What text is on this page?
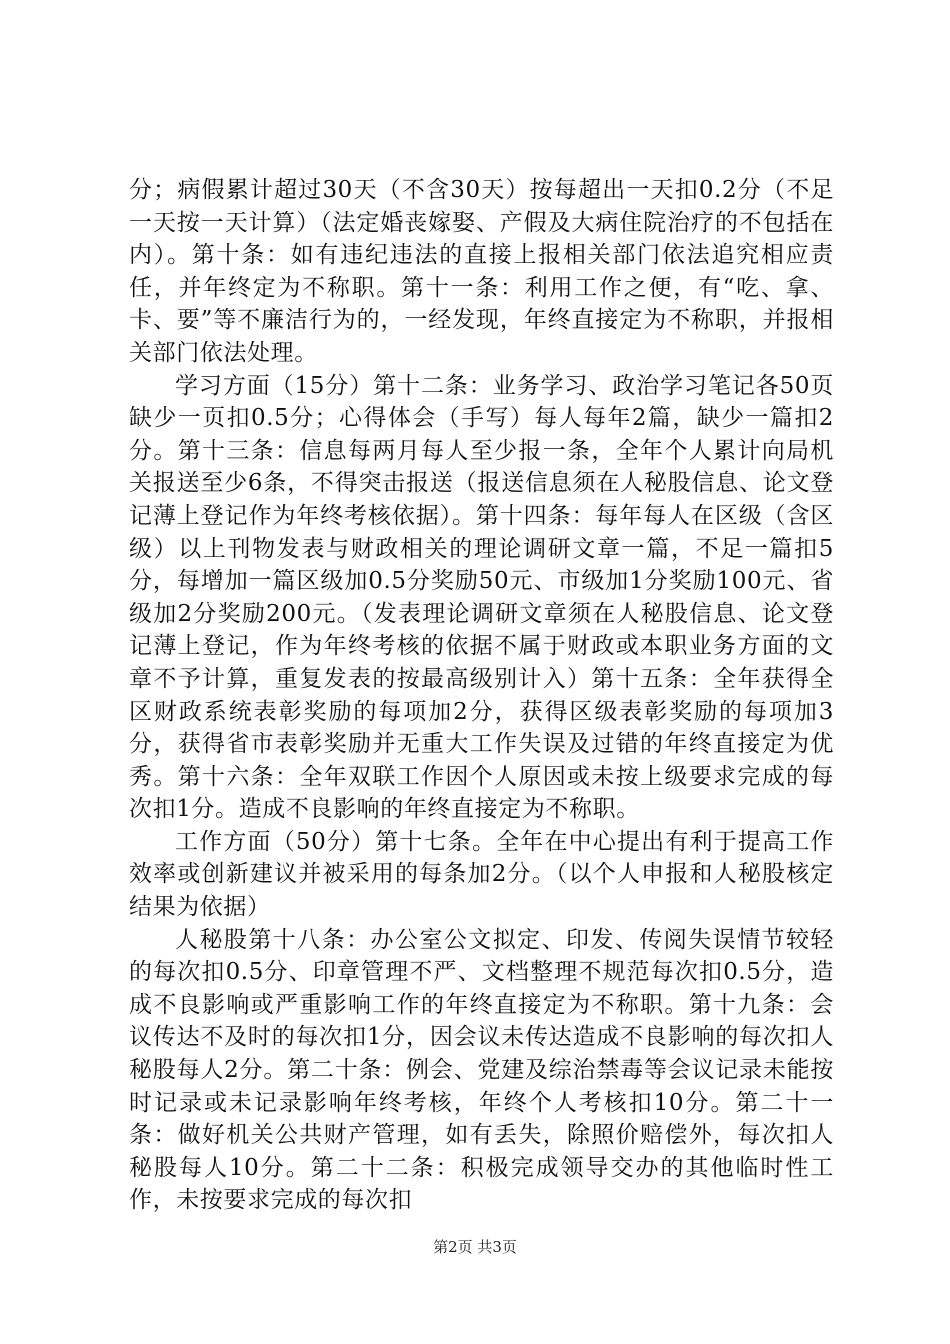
分；病假累计超过30天（不含30天）按每超出一天扣0.2分（不足一天按一天计算）（法定婚丧嫁娶、产假及大病住院治疗的不包括在内）。第十条：如有违纪违法的直接上报相关部门依法追究相应责任，并年终定为不称职。第十一条：利用工作之便，有“吃、拿、卡、要”等不廉洁行为的，一经发现，年终直接定为不称职，并报相关部门依法处理。

学习方面（15分）第十二条：业务学习、政治学习笔记各50页缺少一页扣0.5分；心得体会（手写）每人每年2篇，缺少一篇扣2分。第十三条：信息每两月每人至少报一条，全年个人累计向局机关报送至少6条，不得突击报送（报送信息须在人秘股信息、论文登记薄上登记作为年终考核依据）。第十四条：每年每人在区级（含区级）以上刊物发表与财政相关的理论调研文章一篇，不足一篇扣5分，每增加一篇区级加0.5分奖励50元、市级加1分奖励100元、省级加2分奖励200元。（发表理论调研文章须在人秘股信息、论文登记薄上登记，作为年终考核的依据不属于财政或本职业务方面的文章不予计算，重复发表的按最高级别计入）第十五条：全年获得全区财政系统表彰奖励的每项加2分，获得区级表彰奖励的每项加3分，获得省市表彰奖励并无重大工作失误及过错的年终直接定为优秀。第十六条：全年双联工作因个人原因或未按上级要求完成的每次扣1分。造成不良影响的年终直接定为不称职。

工作方面（50分）第十七条。全年在中心提出有利于提高工作效率或创新建议并被采用的每条加2分。（以个人申报和人秘股核定结果为依据）

人秘股第十八条：办公室公文拟定、印发、传阅失误情节较轻的每次扣0.5分、印章管理不严、文档整理不规范每次扣0.5分，造成不良影响或严重影响工作的年终直接定为不称职。第十九条：会议传达不及时的每次扣1分，因会议未传达造成不良影响的每次扣人秘股每人2分。第二十条：例会、党建及综治禁毒等会议记录未能按时记录或未记录影响年终考核，年终个人考核扣10分。第二十一条：做好机关公共财产管理，如有丢失，除照价赔偿外，每次扣人秘股每人10分。第二十二条：积极完成领导交办的其他临时性工作，未按要求完成的每次扣

第2页 共3页
